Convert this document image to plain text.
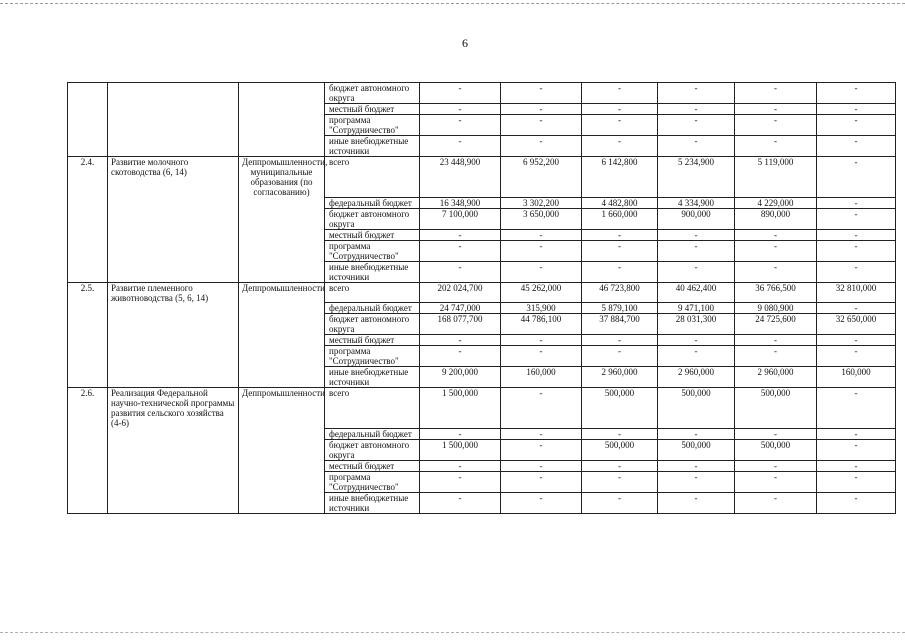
6
			бюджет автономного округа	-	-	-	-	-	-
			местный бюджет	-	-	-	-	-	-
			программа "Сотрудничество"	-	-	-	-	-	-
			иные внебюджетные источники	-	-	-	-	-	-
2.4.	Развитие молочного скотоводства (6, 14)	Деппромышленности, муниципальные образования (по согласованию)	всего	23 448,900	6 952,200	6 142,800	5 234,900	5 119,000	-
			федеральный бюджет	16 348,900	3 302,200	4 482,800	4 334,900	4 229,000	-
			бюджет автономного округа	7 100,000	3 650,000	1 660,000	900,000	890,000	-
			местный бюджет	-	-	-	-	-	-
			программа "Сотрудничество"	-	-	-	-	-	-
			иные внебюджетные источники	-	-	-	-	-	-
2.5.	Развитие племенного животноводства (5, 6, 14)	Деппромышленности	всего	202 024,700	45 262,000	46 723,800	40 462,400	36 766,500	32 810,000
			федеральный бюджет	24 747,000	315,900	5 879,100	9 471,100	9 080,900	-
			бюджет автономного округа	168 077,700	44 786,100	37 884,700	28 031,300	24 725,600	32 650,000
			местный бюджет	-	-	-	-	-	-
			программа "Сотрудничество"	-	-	-	-	-	-
			иные внебюджетные источники	9 200,000	160,000	2 960,000	2 960,000	2 960,000	160,000
2.6.	Реализация Федеральной научно-технической программы развития сельского хозяйства (4-6)	Деппромышленности	всего	1 500,000	-	500,000	500,000	500,000	-
			федеральный бюджет	-	-	-	-	-	-
			бюджет автономного округа	1 500,000	-	500,000	500,000	500,000	-
			местный бюджет	-	-	-	-	-	-
			программа "Сотрудничество"	-	-	-	-	-	-
			иные внебюджетные источники	-	-	-	-	-	-
